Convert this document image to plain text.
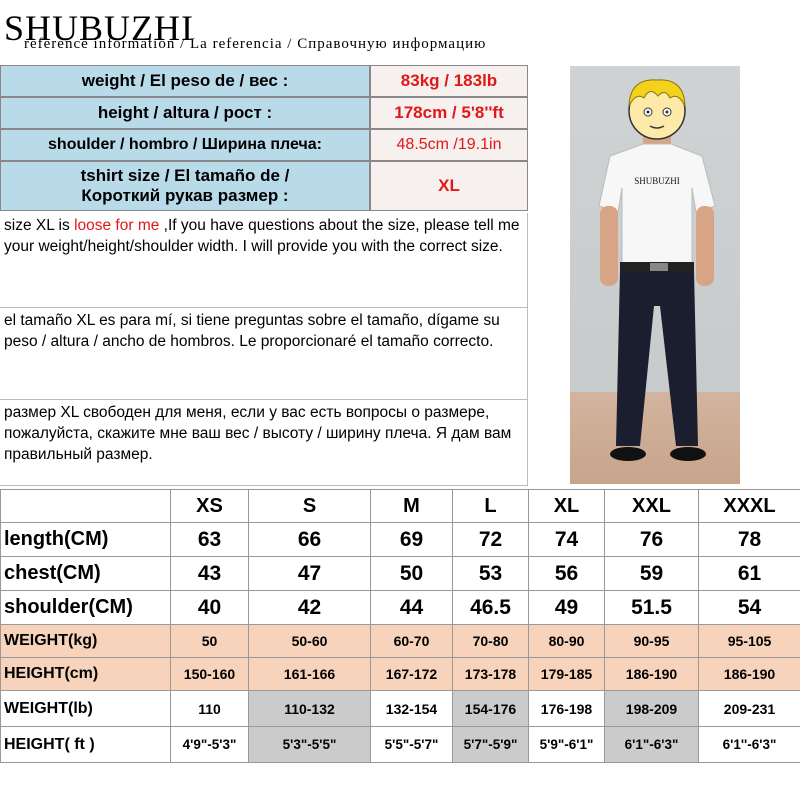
SHUBUZHI
reference information / La referencia / Справочную информацию
weight / El peso de / вес :	83kg / 183lb
height / altura / рост :	178cm / 5'8''ft
shoulder / hombro / Ширина плеча:	48.5cm /19.1in
tshirt size / El tamaño de /
Короткий рукав размер :
XL
size XL is loose for me ,If you have questions about the size, please tell me your weight/height/shoulder width. I will provide you with the correct size.
el tamaño XL es para mí, si tiene preguntas sobre el tamaño, dígame su peso / altura / ancho de hombros. Le proporcionaré el tamaño correcto.
размер XL свободен для меня, если у вас есть вопросы о размере, пожалуйста, скажите мне ваш вес / высоту / ширину плеча. Я дам вам правильный размер.
SHUBUZHI
	XS	S	M	L	XL	XXL	XXXL
length(CM)	63	66	69	72	74	76	78
chest(CM)	43	47	50	53	56	59	61
shoulder(CM)	40	42	44	46.5	49	51.5	54
WEIGHT(kg)	50	50-60	60-70	70-80	80-90	90-95	95-105
HEIGHT(cm)	150-160	161-166	167-172	173-178	179-185	186-190	186-190
WEIGHT(lb)	110	110-132	132-154	154-176	176-198	198-209	209-231
HEIGHT( ft )	4'9"-5'3"	5'3"-5'5"	5'5"-5'7"	5'7"-5'9"	5'9"-6'1"	6'1"-6'3"	6'1''-6'3"
